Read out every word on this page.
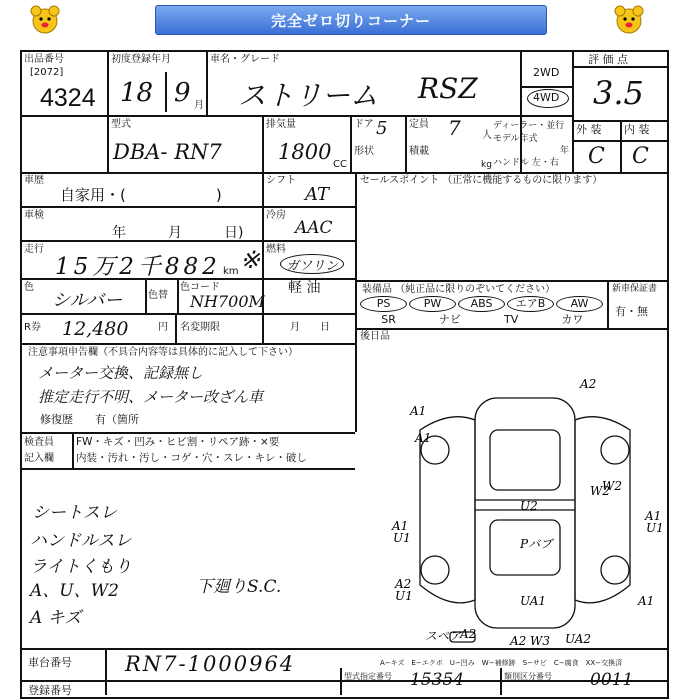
完全ゼロ切りコーナー
出品番号
[2072]
4324
初度登録年月
18 9 月
車名・グレード
ストリーム RSZ	2WD
4WD
評 価 点
3.5
型式
DBA- RN7
排気量
1800
CC
ドア 5 定員 7 人
形状	積載
kg
ディーラー・並行
モデル年式
年
ハンドル 左・右
外 装 内 装
C C
車歴
自家用・(　　　　　　)
シフト
AT
車検
年　　　月　　　日)
冷房
AAC
走行
15万2千882 km ※ 燃料
ガソリン
軽 油
色
シルバー	色替
色コード
NH700M
R券 12,480	円 名変期限	月　　日
セールスポイント （正常に機能するものに限ります）
装備品 （純正品に限りのぞいてください）
PS	PW	ABS	エアB	AW
SR	ナビ	TV	カワ
新車保証書
有・無
後日品
注意事項申告欄（不具合内容等は具体的に記入して下さい）
メーター交換、記録無し
推定走行不明、メーター改ざん車
修復歴　　有（箇所
検査員
記入欄
FW・キズ・凹み・ヒビ割・リペア跡・×要
内装・汚れ・汚し・コゲ・穴・スレ・キレ・破し
シートスレ
ハンドルスレ
ライトくもり
A、U、W2
A キズ
下廻りS.C.
A1
A2
A1
W2
U2
W2
A1
U1
A1
U1
Pバブ
A2
U1	A1
UA1
A2	A2 W3 UA2
スペア
車台番号	RN7-1000964	A−キズ　E−エクボ　U−凹み　W−補修跡　S−サビ　C−腐食　XX−交換済
登録番号
型式指定番号 15354	類別区分番号 0011
